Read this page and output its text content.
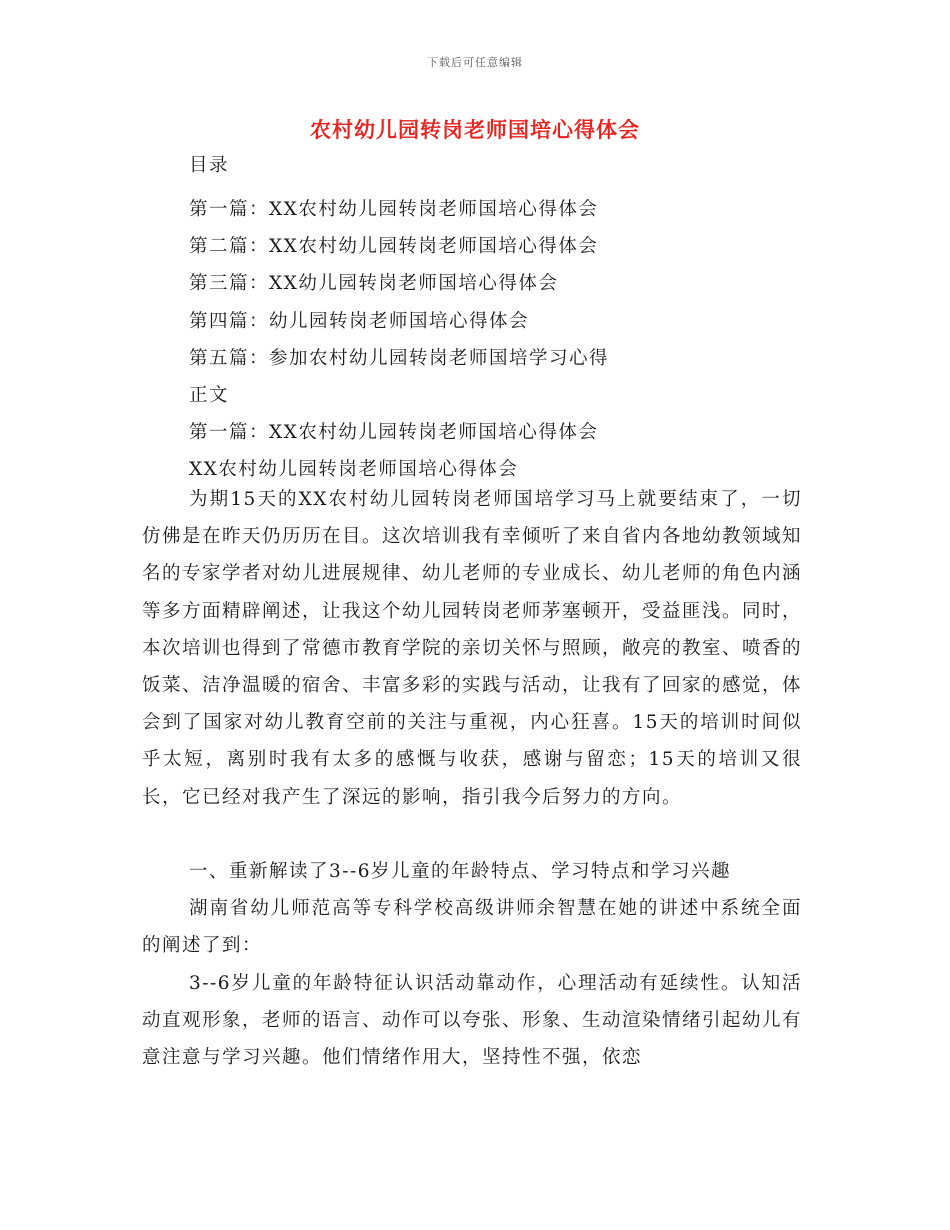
下载后可任意编辑
农村幼儿园转岗老师国培心得体会
目录
第一篇：XX农村幼儿园转岗老师国培心得体会
第二篇：XX农村幼儿园转岗老师国培心得体会
第三篇：XX幼儿园转岗老师国培心得体会
第四篇：幼儿园转岗老师国培心得体会
第五篇：参加农村幼儿园转岗老师国培学习心得
正文
第一篇：XX农村幼儿园转岗老师国培心得体会
XX农村幼儿园转岗老师国培心得体会

为期15天的XX农村幼儿园转岗老师国培学习马上就要结束了，一切仿佛是在昨天仍历历在目。这次培训我有幸倾听了来自省内各地幼教领域知名的专家学者对幼儿进展规律、幼儿老师的专业成长、幼儿老师的角色内涵等多方面精辟阐述，让我这个幼儿园转岗老师茅塞顿开，受益匪浅。同时，本次培训也得到了常德市教育学院的亲切关怀与照顾，敞亮的教室、喷香的饭菜、洁净温暖的宿舍、丰富多彩的实践与活动，让我有了回家的感觉，体会到了国家对幼儿教育空前的关注与重视，内心狂喜。15天的培训时间似乎太短，离别时我有太多的感慨与收获，感谢与留恋；15天的培训又很长，它已经对我产生了深远的影响，指引我今后努力的方向。

一、重新解读了3--6岁儿童的年龄特点、学习特点和学习兴趣

湖南省幼儿师范高等专科学校高级讲师余智慧在她的讲述中系统全面的阐述了到：

3--6岁儿童的年龄特征认识活动靠动作，心理活动有延续性。认知活动直观形象，老师的语言、动作可以夸张、形象、生动渲染情绪引起幼儿有意注意与学习兴趣。他们情绪作用大，坚持性不强，依恋
